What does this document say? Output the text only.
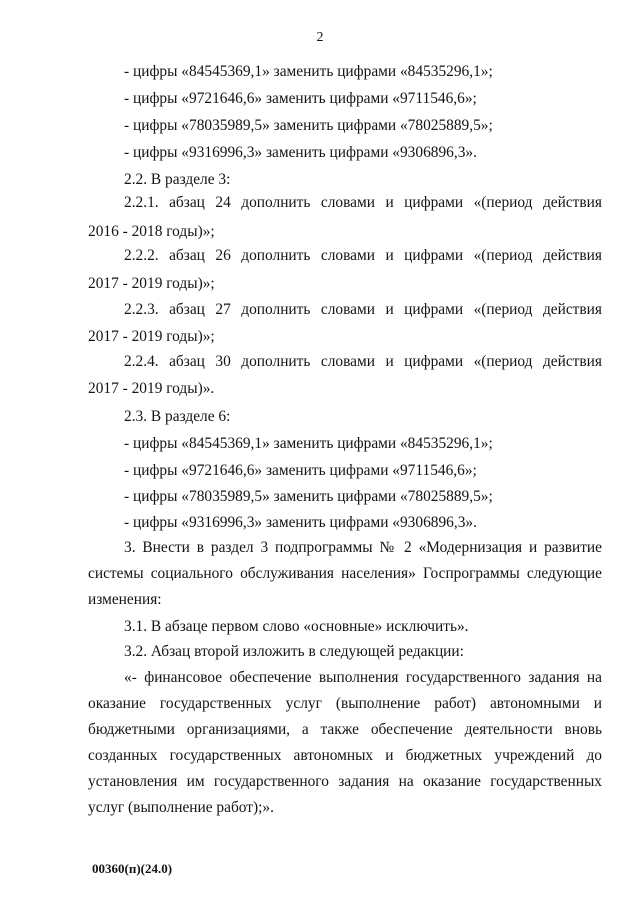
2
- цифры «84545369,1» заменить цифрами «84535296,1»;
- цифры «9721646,6» заменить цифрами «9711546,6»;
- цифры «78035989,5» заменить цифрами «78025889,5»;
- цифры «9316996,3» заменить цифрами «9306896,3».
2.2. В разделе 3:
2.2.1. абзац 24 дополнить словами и цифрами «(период действия
2016 - 2018 годы)»;
2.2.2. абзац 26 дополнить словами и цифрами «(период действия
2017 - 2019 годы)»;
2.2.3. абзац 27 дополнить словами и цифрами «(период действия
2017 - 2019 годы)»;
2.2.4. абзац 30 дополнить словами и цифрами «(период действия
2017 - 2019 годы)».
2.3. В разделе 6:
- цифры «84545369,1» заменить цифрами «84535296,1»;
- цифры «9721646,6» заменить цифрами «9711546,6»;
- цифры «78035989,5» заменить цифрами «78025889,5»;
- цифры «9316996,3» заменить цифрами «9306896,3».
3. Внести в раздел 3 подпрограммы № 2 «Модернизация и развитие
системы социального обслуживания населения» Госпрограммы следующие
изменения:
3.1. В абзаце первом слово «основные» исключить».
3.2. Абзац второй изложить в следующей редакции:
«- финансовое обеспечение выполнения государственного задания на
оказание государственных услуг (выполнение работ) автономными и
бюджетными организациями, а также обеспечение деятельности вновь
созданных государственных автономных и бюджетных учреждений до
установления им государственного задания на оказание государственных
услуг (выполнение работ);».
00360(п)(24.0)
